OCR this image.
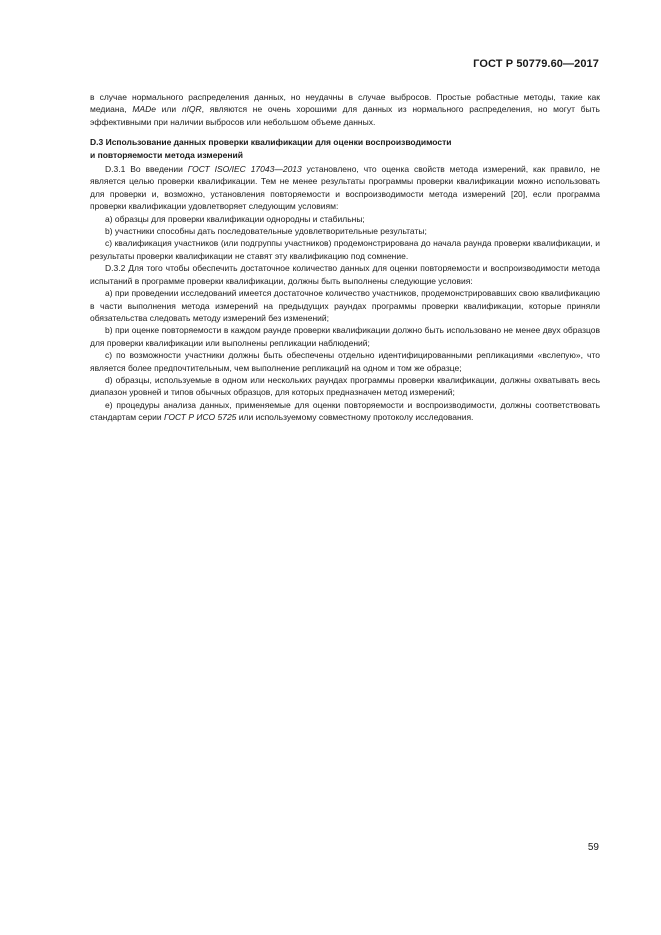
ГОСТ Р 50779.60—2017

в случае нормального распределения данных, но неудачны в случае выбросов. Простые робастные методы, такие как медиана, MADe или nIQR, являются не очень хорошими для данных из нормального распределения, но могут быть эффективными при наличии выбросов или небольшом объеме данных.

D.3 Использование данных проверки квалификации для оценки воспроизводимости
и повторяемости метода измерений

D.3.1 Во введении ГОСТ ISO/IEC 17043—2013 установлено, что оценка свойств метода измерений, как правило, не является целью проверки квалификации. Тем не менее результаты программы проверки квалификации можно использовать для проверки и, возможно, установления повторяемости и воспроизводимости метода измерений [20], если программа проверки квалификации удовлетворяет следующим условиям:

а) образцы для проверки квалификации однородны и стабильны;

b) участники способны дать последовательные удовлетворительные результаты;

с) квалификация участников (или подгруппы участников) продемонстрирована до начала раунда проверки квалификации, и результаты проверки квалификации не ставят эту квалификацию под сомнение.

D.3.2 Для того чтобы обеспечить достаточное количество данных для оценки повторяемости и воспроизводимости метода испытаний в программе проверки квалификации, должны быть выполнены следующие условия:

а) при проведении исследований имеется достаточное количество участников, продемонстрировавших свою квалификацию в части выполнения метода измерений на предыдущих раундах программы проверки квалификации, которые приняли обязательства следовать методу измерений без изменений;

b) при оценке повторяемости в каждом раунде проверки квалификации должно быть использовано не менее двух образцов для проверки квалификации или выполнены репликации наблюдений;

с) по возможности участники должны быть обеспечены отдельно идентифицированными репликациями «вслепую», что является более предпочтительным, чем выполнение репликаций на одном и том же образце;

d) образцы, используемые в одном или нескольких раундах программы проверки квалификации, должны охватывать весь диапазон уровней и типов обычных образцов, для которых предназначен метод измерений;

е) процедуры анализа данных, применяемые для оценки повторяемости и воспроизводимости, должны соответствовать стандартам серии ГОСТ Р ИСО 5725 или используемому совместному протоколу исследования.

59
